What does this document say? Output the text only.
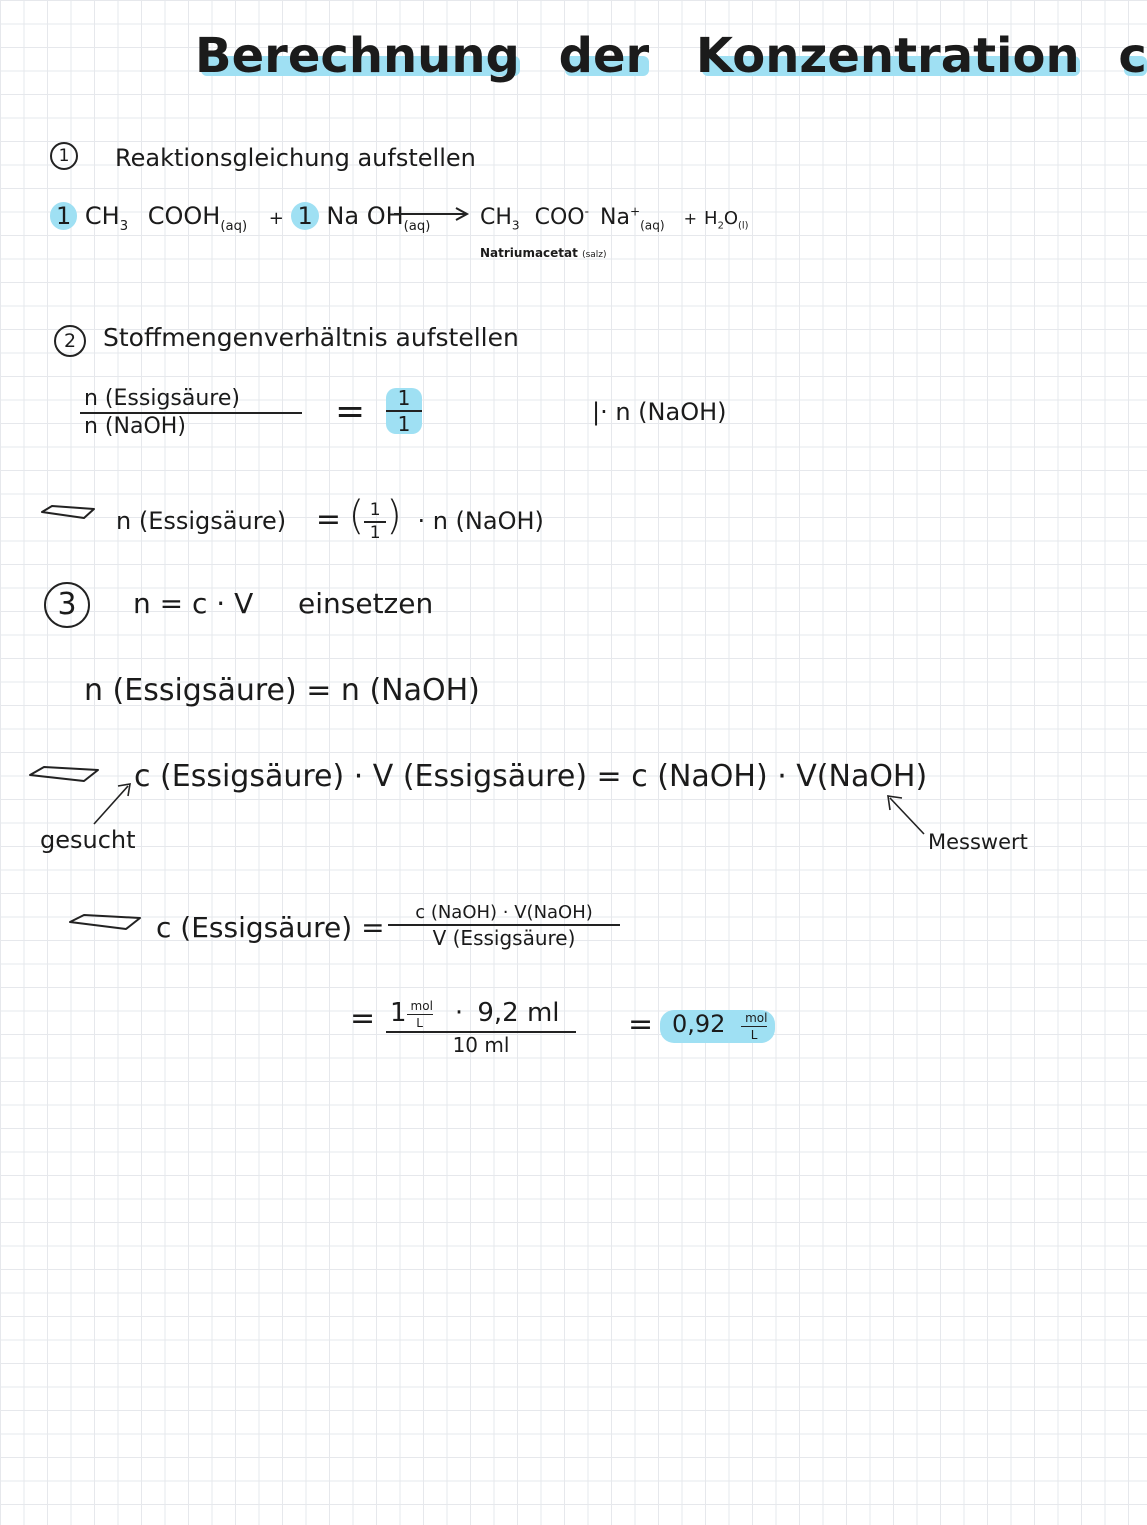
Berechnung der Konzentration c
1	Reaktionsgleichung aufstellen
1 $CH_3$ $COOH_{(aq)} + 1$ Na $OH_{(aq)}$ $CH_3$ COO- $Na^+_{(aq)} + H_2O_{(l)}$
Natriumacetat (salz)
2	Stoffmengenverhältnis aufstellen
$\frac{\text{n (Essigsäure)}}{\text{n (NaOH)}} = \frac{1}{1}$	|· n (NaOH)
n (Essigsäure) = ( $\frac{1}{1}$ ) · n (NaOH)
3	n = c · V einsetzen
n (Essigsäure) = n (NaOH)
c (Essigsäure) · V (Essigsäure) = c (NaOH) · V(NaOH)
gesucht	Messwert
c (Essigsäure) = $\frac{\text{c (NaOH) · V(NaOH)}}{\text{V (Essigsäure)}}$
= $\frac{1 \frac{\text{mol}}{L} \cdot 9,2 ml}{10 ml} = 0,92 \frac{\text{mol}}{L}$
